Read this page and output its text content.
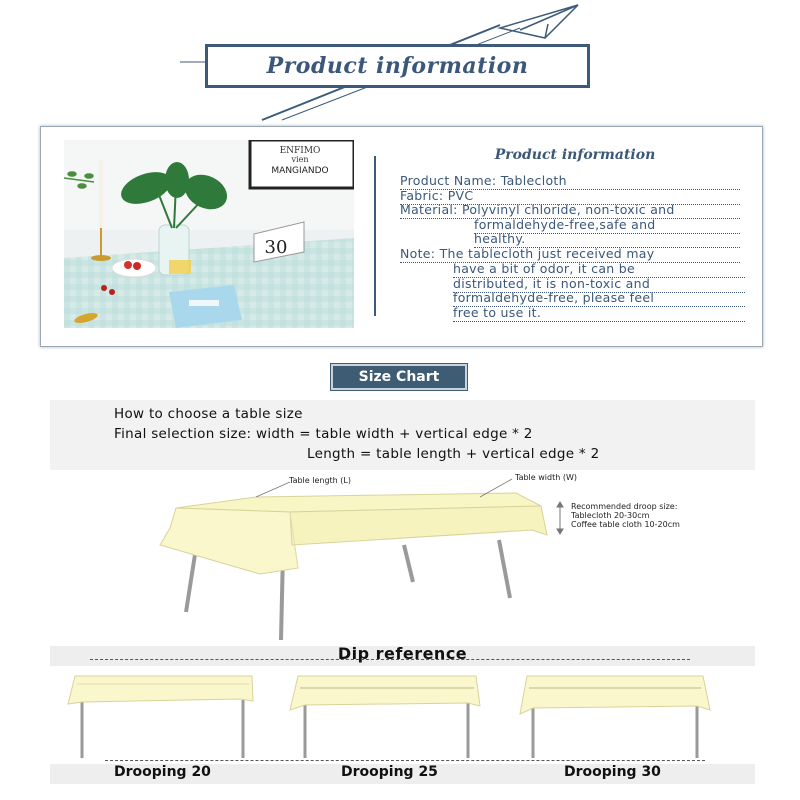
Product information
ENFIMO
vien
MANGIANDO
30
Product information
Product Name: Tablecloth
Fabric: PVC
Material: Polyvinyl chloride, non-toxic and
formaldehyde-free,safe and
healthy.
Note: The tablecloth just received may
have a bit of odor, it can be
distributed, it is non-toxic and
formaldehyde-free, please feel
free to use it.
Size Chart
How to choose a table size
Final selection size: width = table width + vertical edge * 2
Length = table length + vertical edge * 2
Table length (L)	Table width (W)
Recommended droop size:
Tablecloth 20-30cm
Coffee table cloth 10-20cm
Dip reference
Drooping 20	Drooping 25	Drooping 30
